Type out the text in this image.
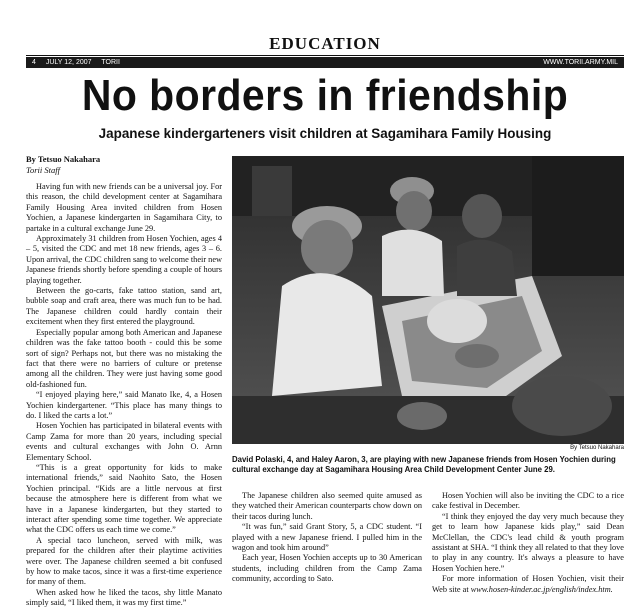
EDUCATION
4 JULY 12, 2007 TORII	WWW.TORII.ARMY.MIL
No borders in friendship
Japanese kindergarteners visit children at Sagamihara Family Housing
By Tetsuo Nakahara
Torii Staff

Having fun with new friends can be a universal joy. For this reason, the child development center at Sagamihara Family Housing Area invited children from Hosen Yochien, a Japanese kindergarten in Sagamihara City, to partake in a cultural exchange June 29.

Approximately 31 children from Hosen Yochien, ages 4 – 5, visited the CDC and met 18 new friends, ages 3 – 6. Upon arrival, the CDC children sang to welcome their new Japanese friends shortly before spending a couple of hours playing together.

Between the go-carts, fake tattoo station, sand art, bubble soap and craft area, there was much fun to be had. The Japanese children could hardly contain their excitement when they first entered the playground.

Especially popular among both American and Japanese children was the fake tattoo booth - could this be some sort of sign? Perhaps not, but there was no mistaking the fact that there were no barriers of culture or pretense among all the children. They were just having some good old-fashioned fun.

“I enjoyed playing here,” said Manato Ike, 4, a Hosen Yochien kindergartener. “This place has many things to do. I liked the carts a lot.”

Hosen Yochien has participated in bilateral events with Camp Zama for more than 20 years, including special events and cultural exchanges with John O. Arnn Elementary School.

“This is a great opportunity for kids to make international friends,” said Naohito Sato, the Hosen Yochien principal. “Kids are a little nervous at first because the atmosphere here is different from what we have in a Japanese kindergarten, but they started to interact after spending some time together. We appreciate what the CDC offers us each time we come.”

A special taco luncheon, served with milk, was prepared for the children after their playtime activities were over. The Japanese children seemed a bit confused by how to make tacos, since it was a first-time experience for many of them.

When asked how he liked the tacos, shy little Manato simply said, “I liked them, it was my first time.”

By Tetsuo Nakahara
David Polaski, 4, and Haley Aaron, 3, are playing with new Japanese friends from Hosen Yochien during cultural exchange day at Sagamihara Housing Area Child Development Center June 29.

The Japanese children also seemed quite amused as they watched their American counterparts chow down on their tacos during lunch.

“It was fun,” said Grant Story, 5, a CDC student. “I played with a new Japanese friend. I pulled him in the wagon and took him around”

Each year, Hosen Yochien accepts up to 30 American students, including children from the Camp Zama community, according to Sato.

Hosen Yochien will also be inviting the CDC to a rice cake festival in December.

“I think they enjoyed the day very much because they get to learn how Japanese kids play,” said Dean McClellan, the CDC's lead child & youth program assistant at SHA. “I think they all related to that they love to play in any country. It's always a pleasure to have Hosen Yochien here.”

For more information of Hosen Yochien, visit their Web site at www.hosen-kinder.ac.jp/english/index.htm.
